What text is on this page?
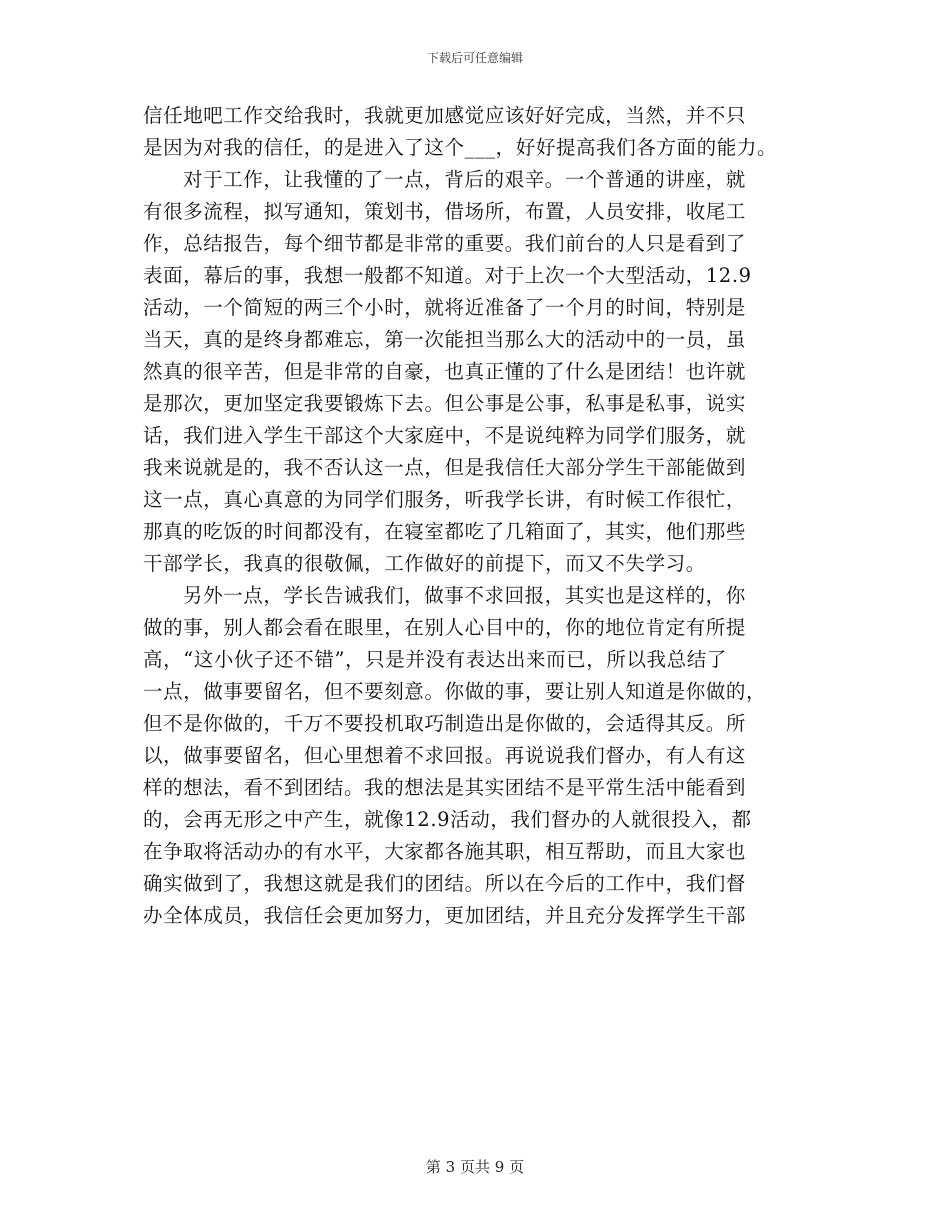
下载后可任意编辑
信任地吧工作交给我时，我就更加感觉应该好好完成，当然，并不只
是因为对我的信任，的是进入了这个___，好好提高我们各方面的能力。
对于工作，让我懂的了一点，背后的艰辛。一个普通的讲座，就
有很多流程，拟写通知，策划书，借场所，布置，人员安排，收尾工
作，总结报告，每个细节都是非常的重要。我们前台的人只是看到了
表面，幕后的事，我想一般都不知道。对于上次一个大型活动，12.9
活动，一个简短的两三个小时，就将近准备了一个月的时间，特别是
当天，真的是终身都难忘，第一次能担当那么大的活动中的一员，虽
然真的很辛苦，但是非常的自豪，也真正懂的了什么是团结！也许就
是那次，更加坚定我要锻炼下去。但公事是公事，私事是私事，说实
话，我们进入学生干部这个大家庭中，不是说纯粹为同学们服务，就
我来说就是的，我不否认这一点，但是我信任大部分学生干部能做到
这一点，真心真意的为同学们服务，听我学长讲，有时候工作很忙，
那真的吃饭的时间都没有，在寝室都吃了几箱面了，其实，他们那些
干部学长，我真的很敬佩，工作做好的前提下，而又不失学习。
另外一点，学长告诫我们，做事不求回报，其实也是这样的，你
做的事，别人都会看在眼里，在别人心目中的，你的地位肯定有所提
高，“这小伙子还不错”，只是并没有表达出来而已，所以我总结了
一点，做事要留名，但不要刻意。你做的事，要让别人知道是你做的，
但不是你做的，千万不要投机取巧制造出是你做的，会适得其反。所
以，做事要留名，但心里想着不求回报。再说说我们督办，有人有这
样的想法，看不到团结。我的想法是其实团结不是平常生活中能看到
的，会再无形之中产生，就像12.9活动，我们督办的人就很投入，都
在争取将活动办的有水平，大家都各施其职，相互帮助，而且大家也
确实做到了，我想这就是我们的团结。所以在今后的工作中，我们督
办全体成员，我信任会更加努力，更加团结，并且充分发挥学生干部
第 3 页共 9 页
